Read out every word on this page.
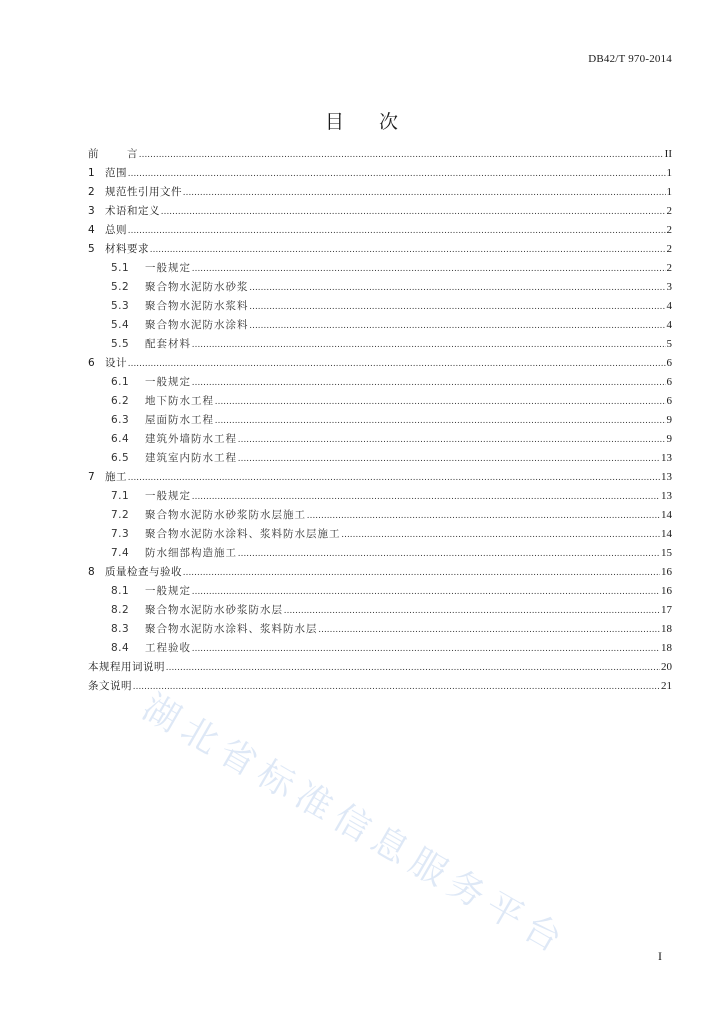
DB42/T 970-2014
目 次
前	言 .....	II
1 范围 .....	1
2 规范性引用文件 .....	1
3 术语和定义 .....	2
4 总则 .....	2
5 材料要求 .....	2
5.1	一般规定 .....	2
5.2	聚合物水泥防水砂浆 .....	3
5.3	聚合物水泥防水浆料 .....	4
5.4	聚合物水泥防水涂料 .....	4
5.5	配套材料 .....	5
6 设计 .....	6
6.1	一般规定 .....	6
6.2	地下防水工程 .....	6
6.3	屋面防水工程 .....	9
6.4	建筑外墙防水工程 .....	9
6.5	建筑室内防水工程 .....	13
7 施工 .....	13
7.1	一般规定 .....	13
7.2	聚合物水泥防水砂浆防水层施工 .....	14
7.3	聚合物水泥防水涂料、浆料防水层施工 .....	14
7.4	防水细部构造施工 .....	15
8 质量检查与验收 .....	16
8.1	一般规定 .....	16
8.2	聚合物水泥防水砂浆防水层 .....	17
8.3	聚合物水泥防水涂料、浆料防水层 .....	18
8.4	工程验收 .....	18
本规程用词说明 .....	20
条文说明 .....	21
湖北省标准信息服务平台	I
